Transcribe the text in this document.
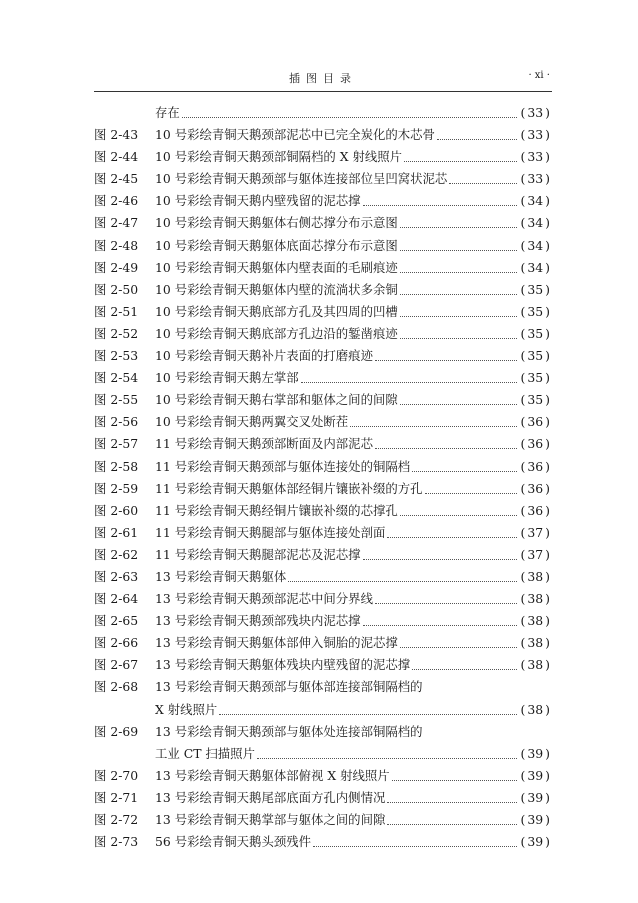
插图目录	· xi ·
存在	( 33 )
图 2-43	10 号彩绘青铜天鹅颈部泥芯中已完全炭化的木芯骨	( 33 )
图 2-44	10 号彩绘青铜天鹅颈部铜隔档的 X 射线照片	( 33 )
图 2-45	10 号彩绘青铜天鹅颈部与躯体连接部位呈凹窝状泥芯	( 33 )
图 2-46	10 号彩绘青铜天鹅内壁残留的泥芯撑	( 34 )
图 2-47	10 号彩绘青铜天鹅躯体右侧芯撑分布示意图	( 34 )
图 2-48	10 号彩绘青铜天鹅躯体底面芯撑分布示意图	( 34 )
图 2-49	10 号彩绘青铜天鹅躯体内壁表面的毛刷痕迹	( 34 )
图 2-50	10 号彩绘青铜天鹅躯体内壁的流淌状多余铜	( 35 )
图 2-51	10 号彩绘青铜天鹅底部方孔及其四周的凹槽	( 35 )
图 2-52	10 号彩绘青铜天鹅底部方孔边沿的錾凿痕迹	( 35 )
图 2-53	10 号彩绘青铜天鹅补片表面的打磨痕迹	( 35 )
图 2-54	10 号彩绘青铜天鹅左掌部	( 35 )
图 2-55	10 号彩绘青铜天鹅右掌部和躯体之间的间隙	( 35 )
图 2-56	10 号彩绘青铜天鹅两翼交叉处断茬	( 36 )
图 2-57	11 号彩绘青铜天鹅颈部断面及内部泥芯	( 36 )
图 2-58	11 号彩绘青铜天鹅颈部与躯体连接处的铜隔档	( 36 )
图 2-59	11 号彩绘青铜天鹅躯体部经铜片镶嵌补缀的方孔	( 36 )
图 2-60	11 号彩绘青铜天鹅经铜片镶嵌补缀的芯撑孔	( 36 )
图 2-61	11 号彩绘青铜天鹅腿部与躯体连接处剖面	( 37 )
图 2-62	11 号彩绘青铜天鹅腿部泥芯及泥芯撑	( 37 )
图 2-63	13 号彩绘青铜天鹅躯体	( 38 )
图 2-64	13 号彩绘青铜天鹅颈部泥芯中间分界线	( 38 )
图 2-65	13 号彩绘青铜天鹅颈部残块内泥芯撑	( 38 )
图 2-66	13 号彩绘青铜天鹅躯体部伸入铜胎的泥芯撑	( 38 )
图 2-67	13 号彩绘青铜天鹅躯体残块内壁残留的泥芯撑	( 38 )
图 2-68	13 号彩绘青铜天鹅颈部与躯体部连接部铜隔档的
X 射线照片	( 38 )
图 2-69	13 号彩绘青铜天鹅颈部与躯体处连接部铜隔档的
工业 CT 扫描照片	( 39 )
图 2-70	13 号彩绘青铜天鹅躯体部俯视 X 射线照片	( 39 )
图 2-71	13 号彩绘青铜天鹅尾部底面方孔内侧情况	( 39 )
图 2-72	13 号彩绘青铜天鹅掌部与躯体之间的间隙	( 39 )
图 2-73	56 号彩绘青铜天鹅头颈残件	( 39 )
